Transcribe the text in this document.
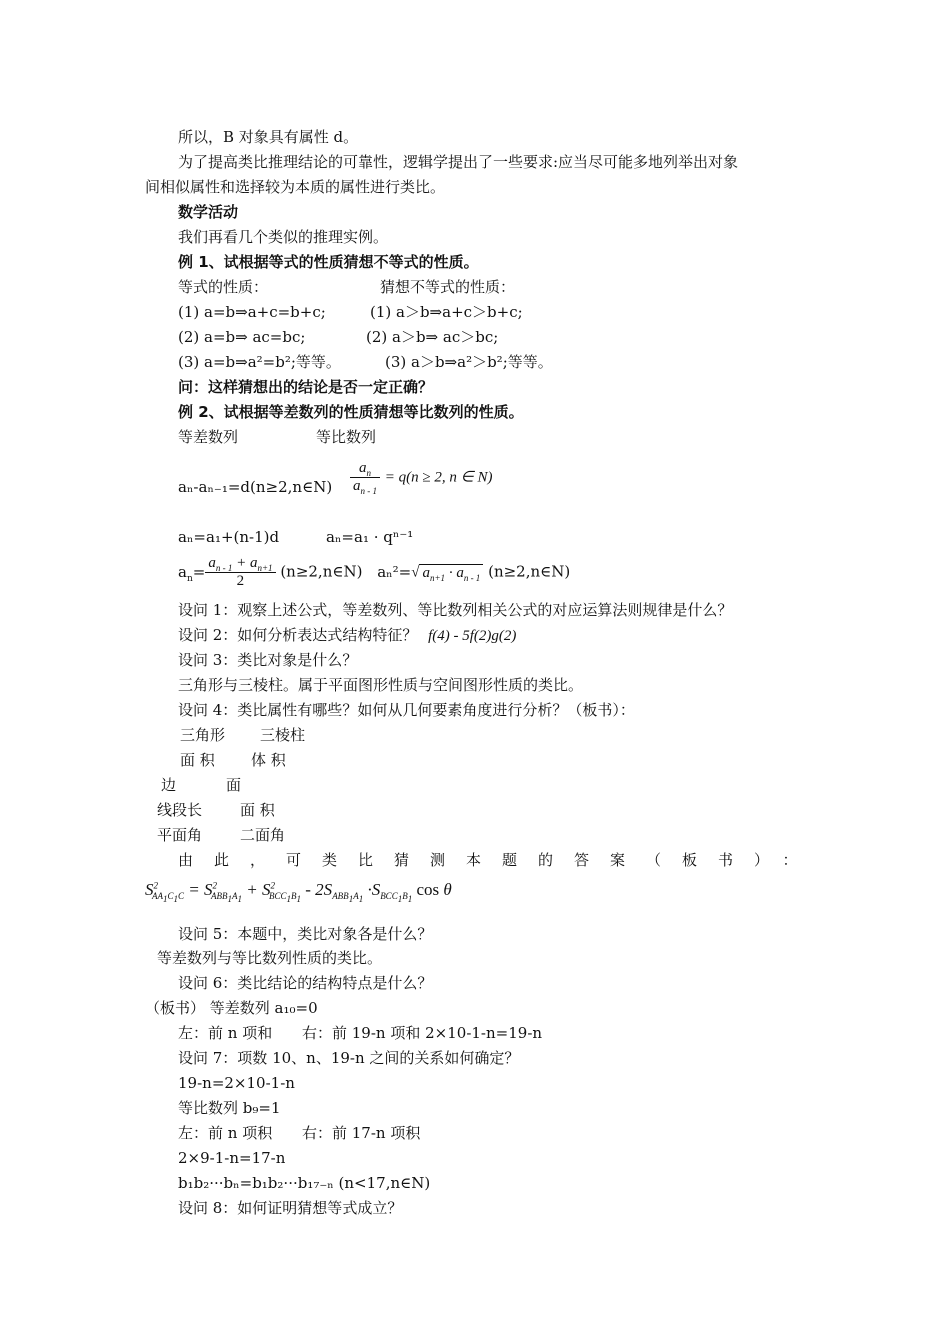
所以，B 对象具有属性 d。
为了提高类比推理结论的可靠性，逻辑学提出了一些要求:应当尽可能多地列举出对象
间相似属性和选择较为本质的属性进行类比。
数学活动
我们再看几个类似的推理实例。
例 1、试根据等式的性质猜想不等式的性质。
等式的性质：	猜想不等式的性质：
(1) a=b⇒a+c=b+c;	(1) a＞b⇒a+c＞b+c;
(2) a=b⇒ ac=bc;	(2) a＞b⇒ ac＞bc;
(3) a=b⇒a²=b²;等等。	(3) a＞b⇒a²＞b²;等等。
问：这样猜想出的结论是否一定正确？
例 2、试根据等差数列的性质猜想等比数列的性质。
等差数列	等比数列
aₙ-aₙ₋₁=d(n≥2,n∈N) $\frac{a_n}{a_{n - 1}} = q(n \ge 2$, n ∈ N)
aₙ=a₁+(n-1)d	aₙ=a₁ · qⁿ⁻¹
$a_n= \frac{a_{n - 1} + a_{n+1}}{2}$ (n≥2,n∈N) aₙ²=√ $a_{n+1} \cdot a_{n - 1}$ (n≥2,n∈N)
设问 1：观察上述公式，等差数列、等比数列相关公式的对应运算法则规律是什么？
设问 2：如何分析表达式结构特征？ f(4) - 5f(2)g(2)
设问 3：类比对象是什么？
三角形与三棱柱。属于平面图形性质与空间图形性质的类比。
设问 4：类比属性有哪些？如何从几何要素角度进行分析？（板书）：
三角形 三棱柱
面 积 体 积
边	面
线段长	面 积
平面角	二面角
由此，可类比猜测本题的答案（板书）：
$S^2_{AA_1C_1C} = S^2_{ABB_1A_1} + S^2_{BCC_1B_1} - 2S_{ABB_1A_1} \cdot S_{BCC_1B_1}$ cos θ
设问 5：本题中，类比对象各是什么？
等差数列与等比数列性质的类比。
设问 6：类比结论的结构特点是什么？
（板书） 等差数列 a₁₀=0
左：前 n 项和 右：前 19-n 项和 2×10-1-n=19-n
设问 7：项数 10、n、19-n 之间的关系如何确定？
19-n=2×10-1-n
等比数列 b₉=1
左：前 n 项积 右：前 17-n 项积
2×9-1-n=17-n
b₁b₂···bₙ=b₁b₂···b₁₇₋ₙ (n<17,n∈N)
设问 8：如何证明猜想等式成立？
